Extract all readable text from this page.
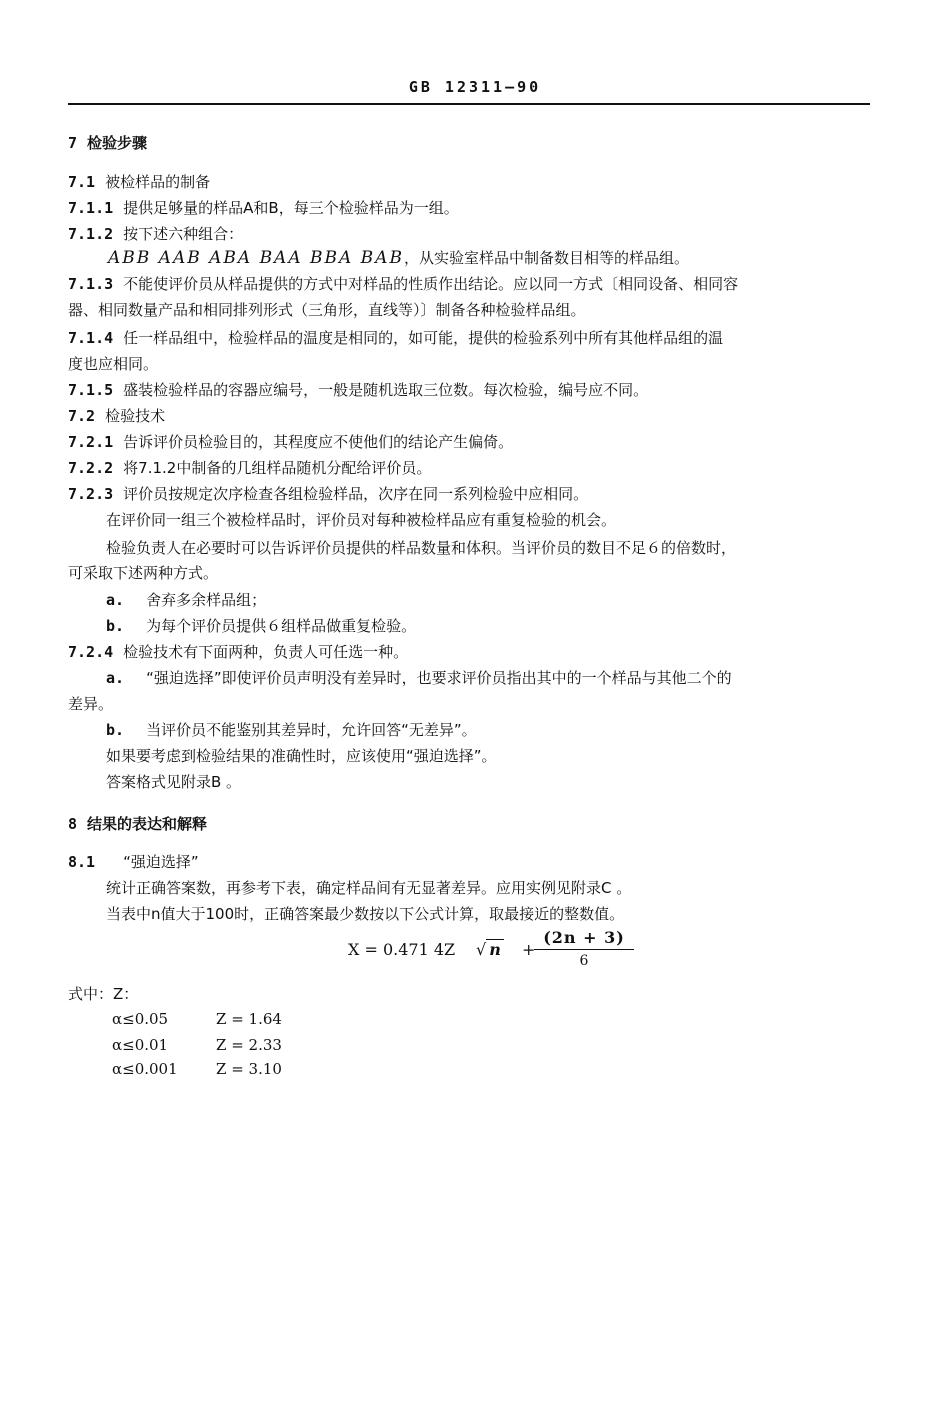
GB 12311—90
7 检验步骤
7.1 被检样品的制备
7.1.1 提供足够量的样品A和B，每三个检验样品为一组。
7.1.2 按下述六种组合：
ABB AAB ABA BAA BBA BAB，从实验室样品中制备数目相等的样品组。
7.1.3 不能使评价员从样品提供的方式中对样品的性质作出结论。应以同一方式〔相同设备、相同容
器、相同数量产品和相同排列形式（三角形，直线等）〕制备各种检验样品组。
7.1.4 任一样品组中，检验样品的温度是相同的，如可能，提供的检验系列中所有其他样品组的温
度也应相同。
7.1.5 盛装检验样品的容器应编号，一般是随机选取三位数。每次检验，编号应不同。
7.2 检验技术
7.2.1 告诉评价员检验目的，其程度应不使他们的结论产生偏倚。
7.2.2 将7.1.2中制备的几组样品随机分配给评价员。
7.2.3 评价员按规定次序检查各组检验样品，次序在同一系列检验中应相同。
在评价同一组三个被检样品时，评价员对每种被检样品应有重复检验的机会。
检验负责人在必要时可以告诉评价员提供的样品数量和体积。当评价员的数目不足６的倍数时，
可采取下述两种方式。
a. 舍弃多余样品组；
b. 为每个评价员提供６组样品做重复检验。
7.2.4 检验技术有下面两种，负责人可任选一种。
a. “强迫选择”即使评价员声明没有差异时，也要求评价员指出其中的一个样品与其他二个的
差异。
b. 当评价员不能鉴别其差异时，允许回答“无差异”。
如果要考虑到检验结果的准确性时，应该使用“强迫选择”。
答案格式见附录B 。
8 结果的表达和解释
8.1 “强迫选择”
统计正确答案数，再参考下表，确定样品间有无显著差异。应用实例见附录C 。
当表中n值大于100时，正确答案最少数按以下公式计算，取最接近的整数值。
X = 0.471 4Z √ n +
$\frac{(2n + 3)}{6}$
式中：Z：
α≤0.05	Z = 1.64
α≤0.01	Z = 2.33
α≤0.001	Z = 3.10
